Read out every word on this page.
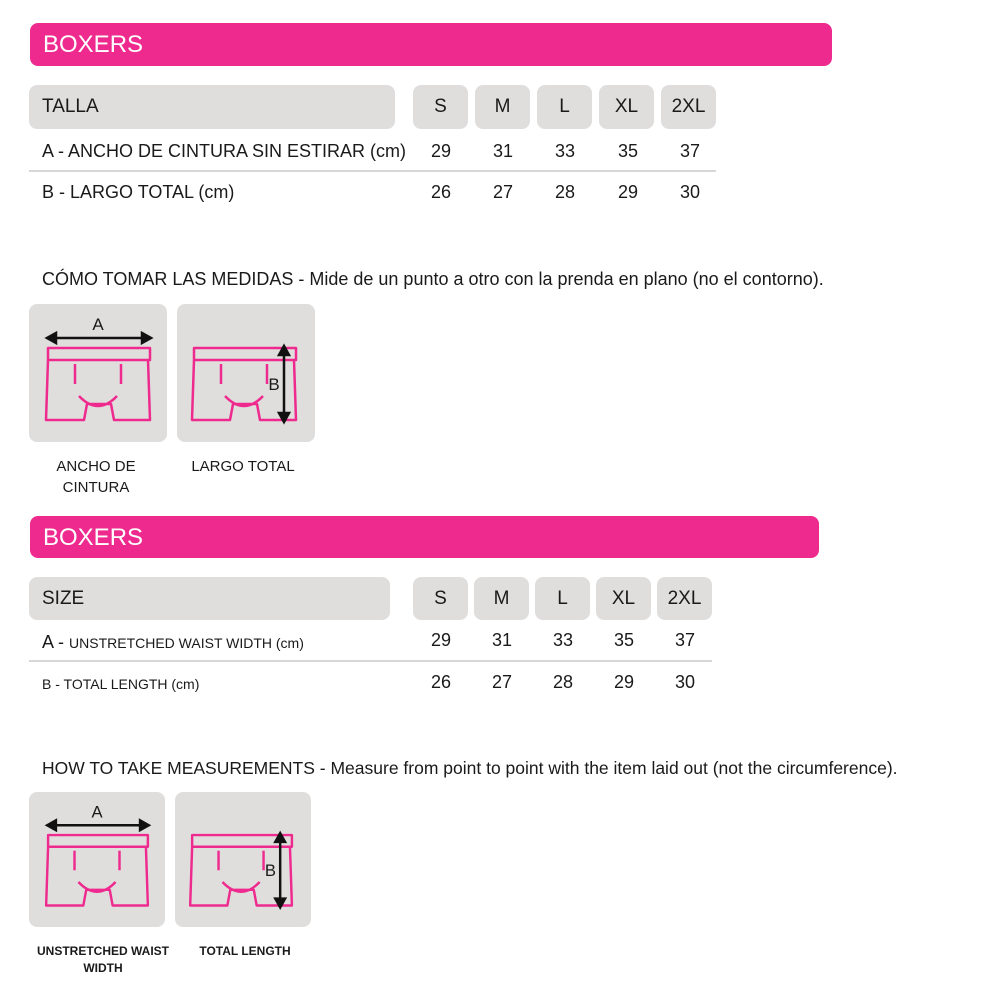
BOXERS
TALLA	S	M	L XL 2XL
A - ANCHO DE CINTURA SIN ESTIRAR (cm)	29	31	33	35	37
B - LARGO TOTAL (cm)	26	27	28	29	30
CÓMO TOMAR LAS MEDIDAS - Mide de un punto a otro con la prenda en plano (no el contorno).
A
B
ANCHO DE CINTURA
LARGO TOTAL
BOXERS
SIZE	S M	L XL 2XL
A - UNSTRETCHED WAIST WIDTH (cm)	29	31	33	35	37
B - TOTAL LENGTH (cm)	26	27	28	29	30
HOW TO TAKE MEASUREMENTS - Measure from point to point with the item laid out (not the circumference).
A
B
UNSTRETCHED WAIST WIDTH
TOTAL LENGTH
